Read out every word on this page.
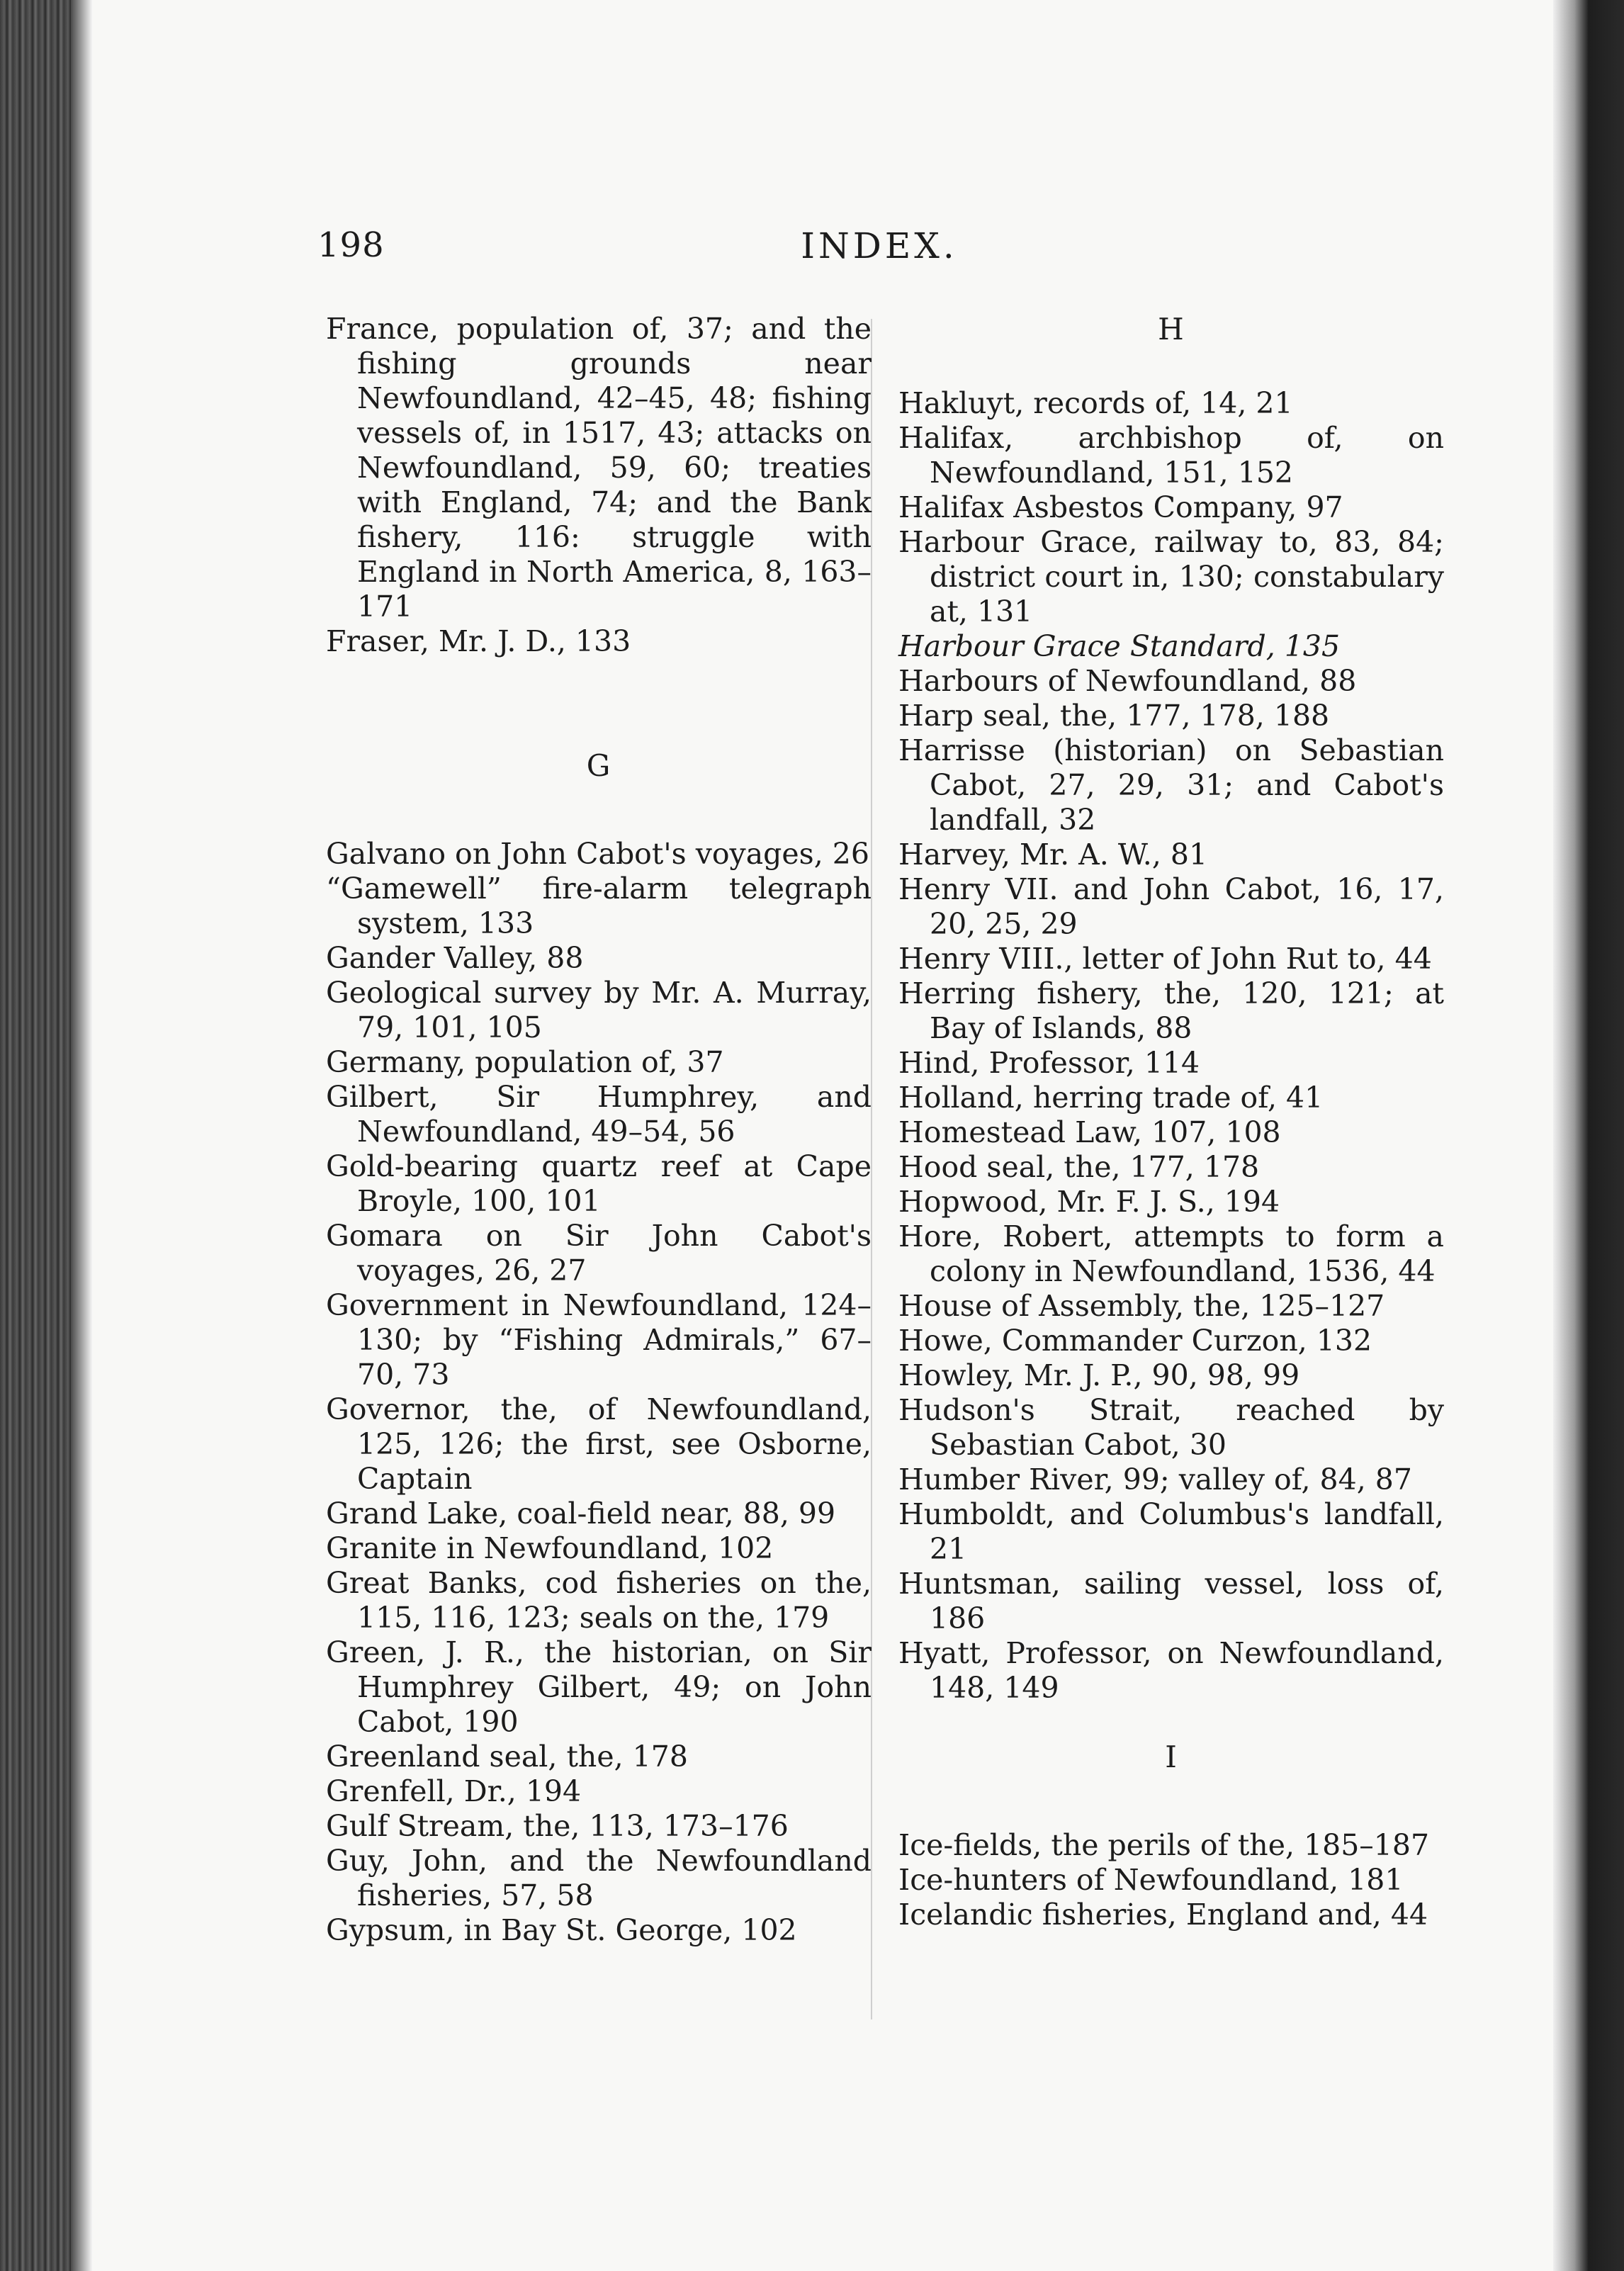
198	INDEX.

France, population of, 37; and the fishing grounds near Newfoundland, 42–45, 48; fishing vessels of, in 1517, 43; attacks on Newfoundland, 59, 60; treaties with England, 74; and the Bank fishery, 116: struggle with England in North America, 8, 163–171

Fraser, Mr. J. D., 133

G

Galvano on John Cabot's voyages, 26

“Gamewell” fire-alarm telegraph system, 133

Gander Valley, 88

Geological survey by Mr. A. Murray, 79, 101, 105

Germany, population of, 37

Gilbert, Sir Humphrey, and Newfoundland, 49–54, 56

Gold-bearing quartz reef at Cape Broyle, 100, 101

Gomara on Sir John Cabot's voyages, 26, 27

Government in Newfoundland, 124–130; by “Fishing Admirals,” 67–70, 73

Governor, the, of Newfoundland, 125, 126; the first, see Osborne, Captain

Grand Lake, coal-field near, 88, 99

Granite in Newfoundland, 102

Great Banks, cod fisheries on the, 115, 116, 123; seals on the, 179

Green, J. R., the historian, on Sir Humphrey Gilbert, 49; on John Cabot, 190

Greenland seal, the, 178

Grenfell, Dr., 194

Gulf Stream, the, 113, 173–176

Guy, John, and the Newfoundland fisheries, 57, 58

Gypsum, in Bay St. George, 102

H

Hakluyt, records of, 14, 21

Halifax, archbishop of, on Newfoundland, 151, 152

Halifax Asbestos Company, 97

Harbour Grace, railway to, 83, 84; district court in, 130; constabulary at, 131

Harbour Grace Standard, 135

Harbours of Newfoundland, 88

Harp seal, the, 177, 178, 188

Harrisse (historian) on Sebastian Cabot, 27, 29, 31; and Cabot's landfall, 32

Harvey, Mr. A. W., 81

Henry VII. and John Cabot, 16, 17, 20, 25, 29

Henry VIII., letter of John Rut to, 44

Herring fishery, the, 120, 121; at Bay of Islands, 88

Hind, Professor, 114

Holland, herring trade of, 41

Homestead Law, 107, 108

Hood seal, the, 177, 178

Hopwood, Mr. F. J. S., 194

Hore, Robert, attempts to form a colony in Newfoundland, 1536, 44

House of Assembly, the, 125–127

Howe, Commander Curzon, 132

Howley, Mr. J. P., 90, 98, 99

Hudson's Strait, reached by Sebastian Cabot, 30

Humber River, 99; valley of, 84, 87

Humboldt, and Columbus's landfall, 21

Huntsman, sailing vessel, loss of, 186

Hyatt, Professor, on Newfoundland, 148, 149

I

Ice-fields, the perils of the, 185–187

Ice-hunters of Newfoundland, 181

Icelandic fisheries, England and, 44
